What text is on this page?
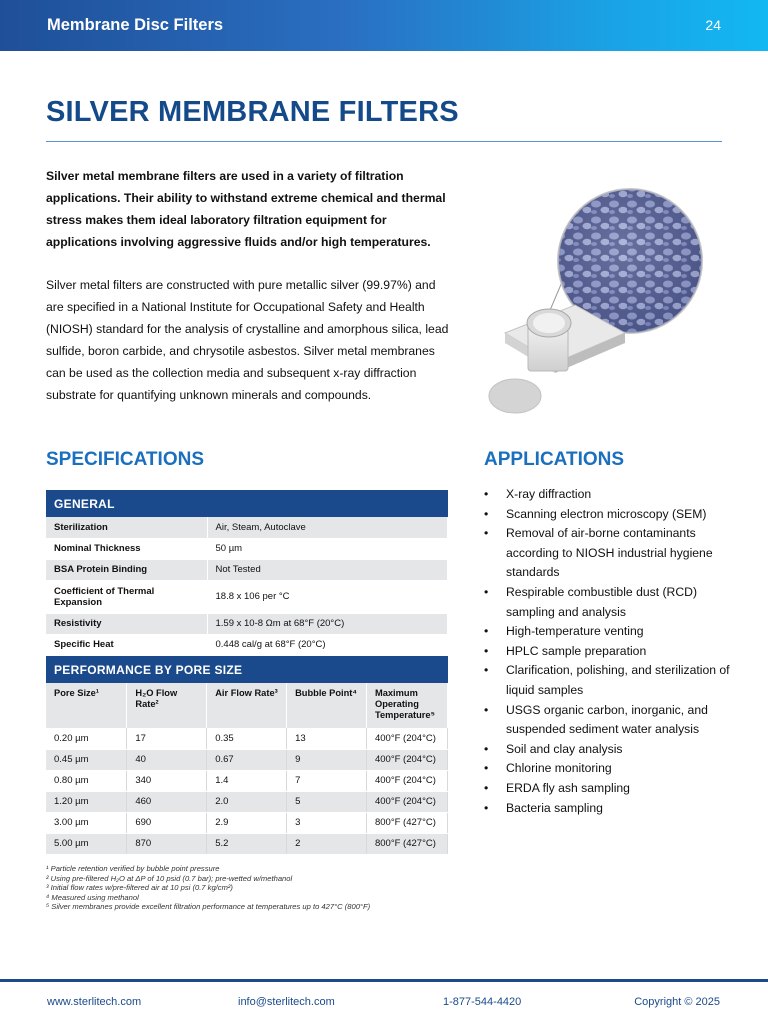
Membrane Disc Filters	24
SILVER MEMBRANE FILTERS

Silver metal membrane filters are used in a variety of filtration applications. Their ability to withstand extreme chemical and thermal stress makes them ideal laboratory filtration equipment for applications involving aggressive fluids and/or high temperatures.

Silver metal filters are constructed with pure metallic silver (99.97%) and are specified in a National Institute for Occupational Safety and Health (NIOSH) standard for the analysis of crystalline and amorphous silica, lead sulfide, boron carbide, and chrysotile asbestos. Silver metal membranes can be used as the collection media and subsequent x-ray diffraction substrate for quantifying unknown minerals and compounds.

SPECIFICATIONS	APPLICATIONS
GENERAL
Sterilization	Air, Steam, Autoclave
Nominal Thickness	50 µm
BSA Protein Binding	Not Tested
Coefficient of Thermal Expansion	18.8 x 106 per °C
Resistivity	1.59 x 10-8 Ωm at 68°F (20°C)
Specific Heat	0.448 cal/g at 68°F (20°C)
PERFORMANCE BY PORE SIZE
Pore Size¹	H₂O Flow Rate²	Air Flow Rate³	Bubble Point⁴	Maximum Operating Temperature⁵
0.20 µm	17	0.35	13	400°F (204°C)
0.45 µm	40	0.67	9	400°F (204°C)
0.80 µm	340	1.4	7	400°F (204°C)
1.20 µm	460	2.0	5	400°F (204°C)
3.00 µm	690	2.9	3	800°F (427°C)
5.00 µm	870	5.2	2	800°F (427°C)
¹ Particle retention verified by bubble point pressure
² Using pre-filtered H₂O at ΔP of 10 psid (0.7 bar); pre-wetted w/methanol
³ Initial flow rates w/pre-filtered air at 10 psi (0.7 kg/cm²)
⁴ Measured using methanol
⁵ Silver membranes provide excellent filtration performance at temperatures up to 427°C (800°F)
• X-ray diffraction
• Scanning electron microscopy (SEM)
• Removal of air-borne contaminants according to NIOSH industrial hygiene standards
• Respirable combustible dust (RCD) sampling and analysis
• High-temperature venting
• HPLC sample preparation
• Clarification, polishing, and sterilization of liquid samples
• USGS organic carbon, inorganic, and suspended sediment water analysis
• Soil and clay analysis
• Chlorine monitoring
• ERDA fly ash sampling
• Bacteria sampling
www.sterlitech.com	info@sterlitech.com	1-877-544-4420	Copyright © 2025
